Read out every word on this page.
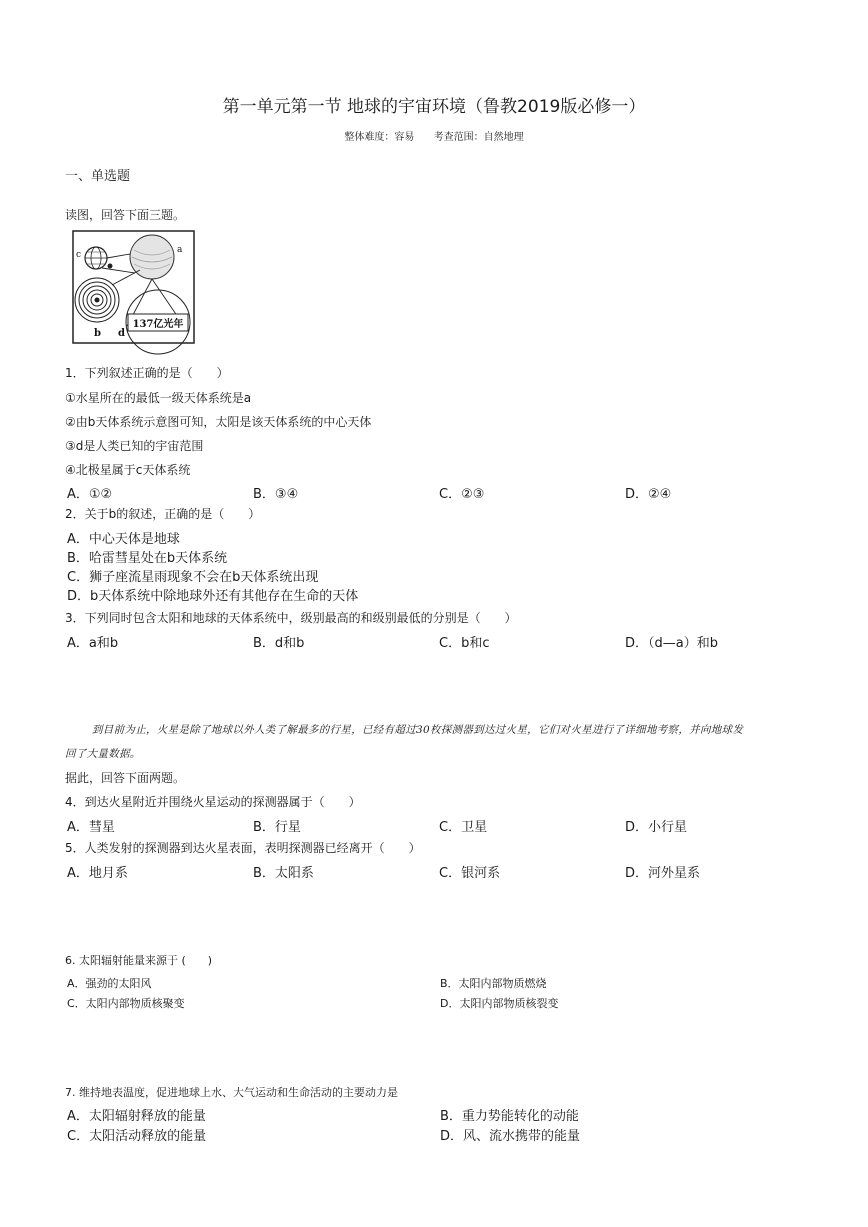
第一单元第一节 地球的宇宙环境（鲁教2019版必修一）
整体难度：容易 考查范围：自然地理
一、单选题
读图，回答下面三题。
137亿光年
a
c
b d
1．下列叙述正确的是（　　）
①水星所在的最低一级天体系统是a
②由b天体系统示意图可知，太阳是该天体系统的中心天体
③d是人类已知的宇宙范围
④北极星属于c天体系统
A．①②	B．③④	C．②③	D．②④
2．关于b的叙述，正确的是（　　）
A．中心天体是地球
B．哈雷彗星处在b天体系统
C．狮子座流星雨现象不会在b天体系统出现
D．b天体系统中除地球外还有其他存在生命的天体
3．下列同时包含太阳和地球的天体系统中，级别最高的和级别最低的分别是（　　）
A．a和b	B．d和b	C．b和c	D．（d—a）和b
到目前为止，火星是除了地球以外人类了解最多的行星，已经有超过30枚探测器到达过火星，它们对火星进行了详细地考察，并向地球发
回了大量数据。
据此，回答下面两题。
4．到达火星附近并围绕火星运动的探测器属于（　　）
A．彗星	B．行星	C．卫星	D．小行星
5．人类发射的探测器到达火星表面，表明探测器已经离开（　　）
A．地月系	B．太阳系	C．银河系	D．河外星系
6. 太阳辐射能量来源于 (　　)
A．强劲的太阳风	B．太阳内部物质燃烧
C．太阳内部物质核聚变	D．太阳内部物质核裂变
7. 维持地表温度，促进地球上水、大气运动和生命活动的主要动力是
A．太阳辐射释放的能量	B．重力势能转化的动能
C．太阳活动释放的能量	D．风、流水携带的能量
